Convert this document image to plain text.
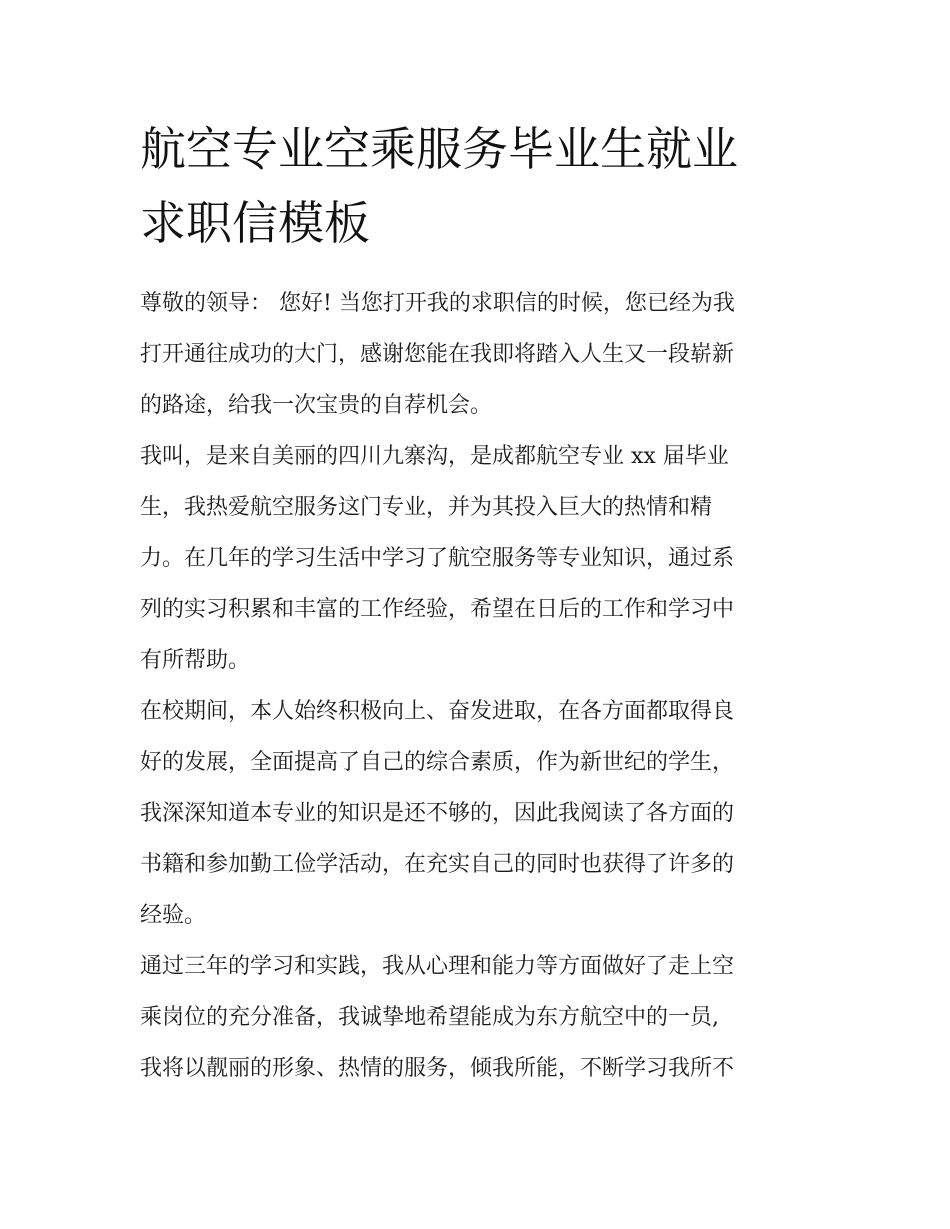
航空专业空乘服务毕业生就业
求职信模板
尊敬的领导： 您好! 当您打开我的求职信的时候，您已经为我
打开通往成功的大门，感谢您能在我即将踏入人生又一段崭新
的路途，给我一次宝贵的自荐机会。
我叫，是来自美丽的四川九寨沟，是成都航空专业 xx 届毕业
生，我热爱航空服务这门专业，并为其投入巨大的热情和精
力。在几年的学习生活中学习了航空服务等专业知识，通过系
列的实习积累和丰富的工作经验，希望在日后的工作和学习中
有所帮助。
在校期间，本人始终积极向上、奋发进取，在各方面都取得良
好的发展，全面提高了自己的综合素质，作为新世纪的学生，
我深深知道本专业的知识是还不够的，因此我阅读了各方面的
书籍和参加勤工俭学活动，在充实自己的同时也获得了许多的
经验。
通过三年的学习和实践，我从心理和能力等方面做好了走上空
乘岗位的充分准备，我诚挚地希望能成为东方航空中的一员,
我将以靓丽的形象、热情的服务，倾我所能，不断学习我所不
